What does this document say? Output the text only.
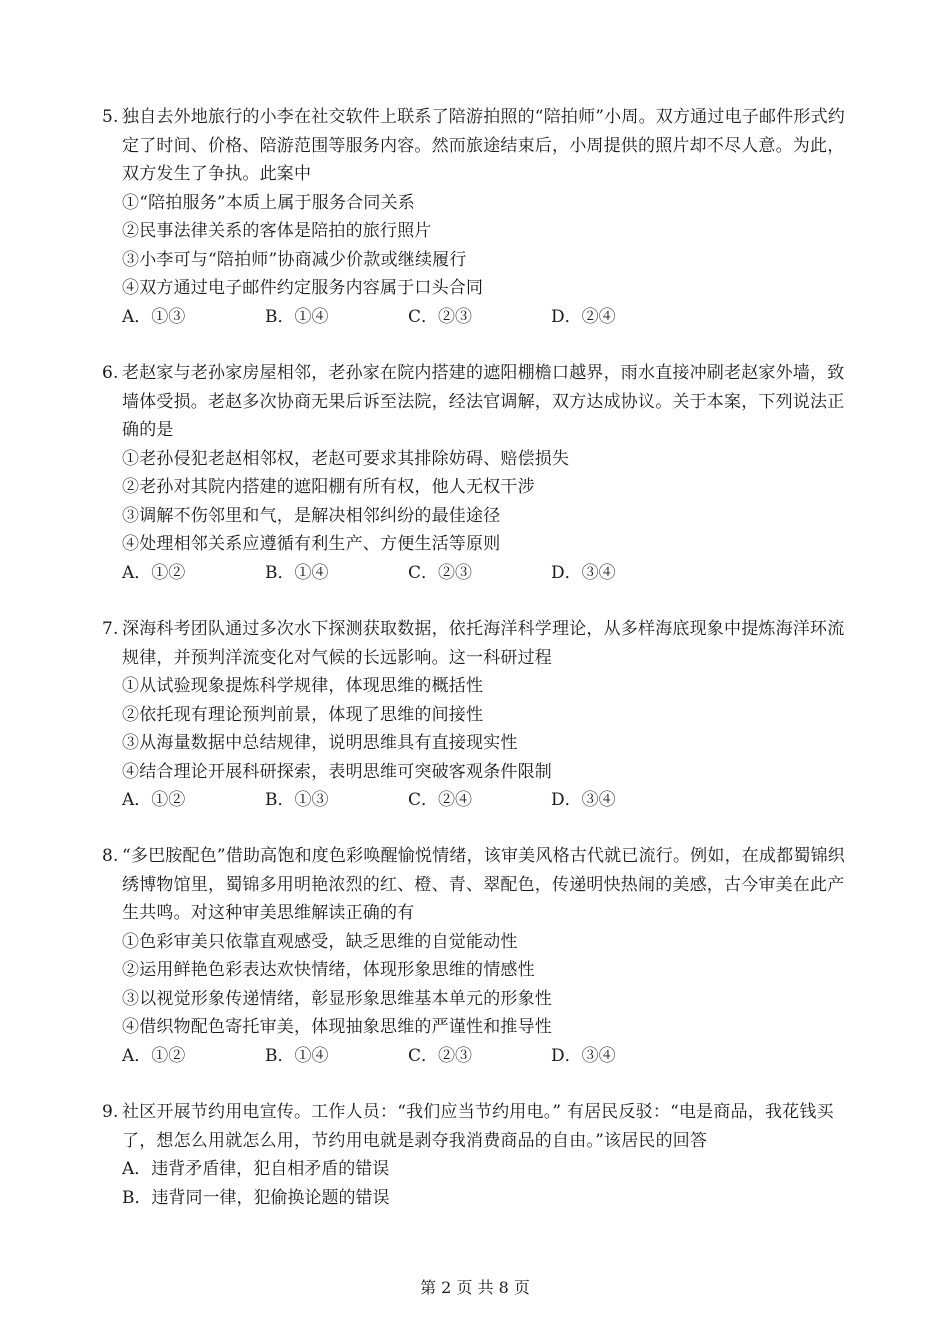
5. 独自去外地旅行的小李在社交软件上联系了陪游拍照的“陪拍师”小周。双方通过电子邮件形式约定了时间、价格、陪游范围等服务内容。然而旅途结束后，小周提供的照片却不尽人意。为此，双方发生了争执。此案中

①“陪拍服务”本质上属于服务合同关系

②民事法律关系的客体是陪拍的旅行照片

③小李可与“陪拍师”协商减少价款或继续履行

④双方通过电子邮件约定服务内容属于口头合同

A．①③	B．①④	C．②③	D．②④

6. 老赵家与老孙家房屋相邻，老孙家在院内搭建的遮阳棚檐口越界，雨水直接冲刷老赵家外墙，致墙体受损。老赵多次协商无果后诉至法院，经法官调解，双方达成协议。关于本案，下列说法正确的是

①老孙侵犯老赵相邻权，老赵可要求其排除妨碍、赔偿损失

②老孙对其院内搭建的遮阳棚有所有权，他人无权干涉

③调解不伤邻里和气，是解决相邻纠纷的最佳途径

④处理相邻关系应遵循有利生产、方便生活等原则

A．①②	B．①④	C．②③	D．③④

7. 深海科考团队通过多次水下探测获取数据，依托海洋科学理论，从多样海底现象中提炼海洋环流规律，并预判洋流变化对气候的长远影响。这一科研过程

①从试验现象提炼科学规律，体现思维的概括性

②依托现有理论预判前景，体现了思维的间接性

③从海量数据中总结规律，说明思维具有直接现实性

④结合理论开展科研探索，表明思维可突破客观条件限制

A．①②	B．①③	C．②④	D．③④

8. “多巴胺配色”借助高饱和度色彩唤醒愉悦情绪，该审美风格古代就已流行。例如，在成都蜀锦织绣博物馆里，蜀锦多用明艳浓烈的红、橙、青、翠配色，传递明快热闹的美感，古今审美在此产生共鸣。对这种审美思维解读正确的有

①色彩审美只依靠直观感受，缺乏思维的自觉能动性

②运用鲜艳色彩表达欢快情绪，体现形象思维的情感性

③以视觉形象传递情绪，彰显形象思维基本单元的形象性

④借织物配色寄托审美，体现抽象思维的严谨性和推导性

A．①②	B．①④	C．②③	D．③④

9. 社区开展节约用电宣传。工作人员：“我们应当节约用电。” 有居民反驳：“电是商品，我花钱买了，想怎么用就怎么用，节约用电就是剥夺我消费商品的自由。”该居民的回答

A．违背矛盾律，犯自相矛盾的错误
B．违背同一律，犯偷换论题的错误
第 2 页 共 8 页
